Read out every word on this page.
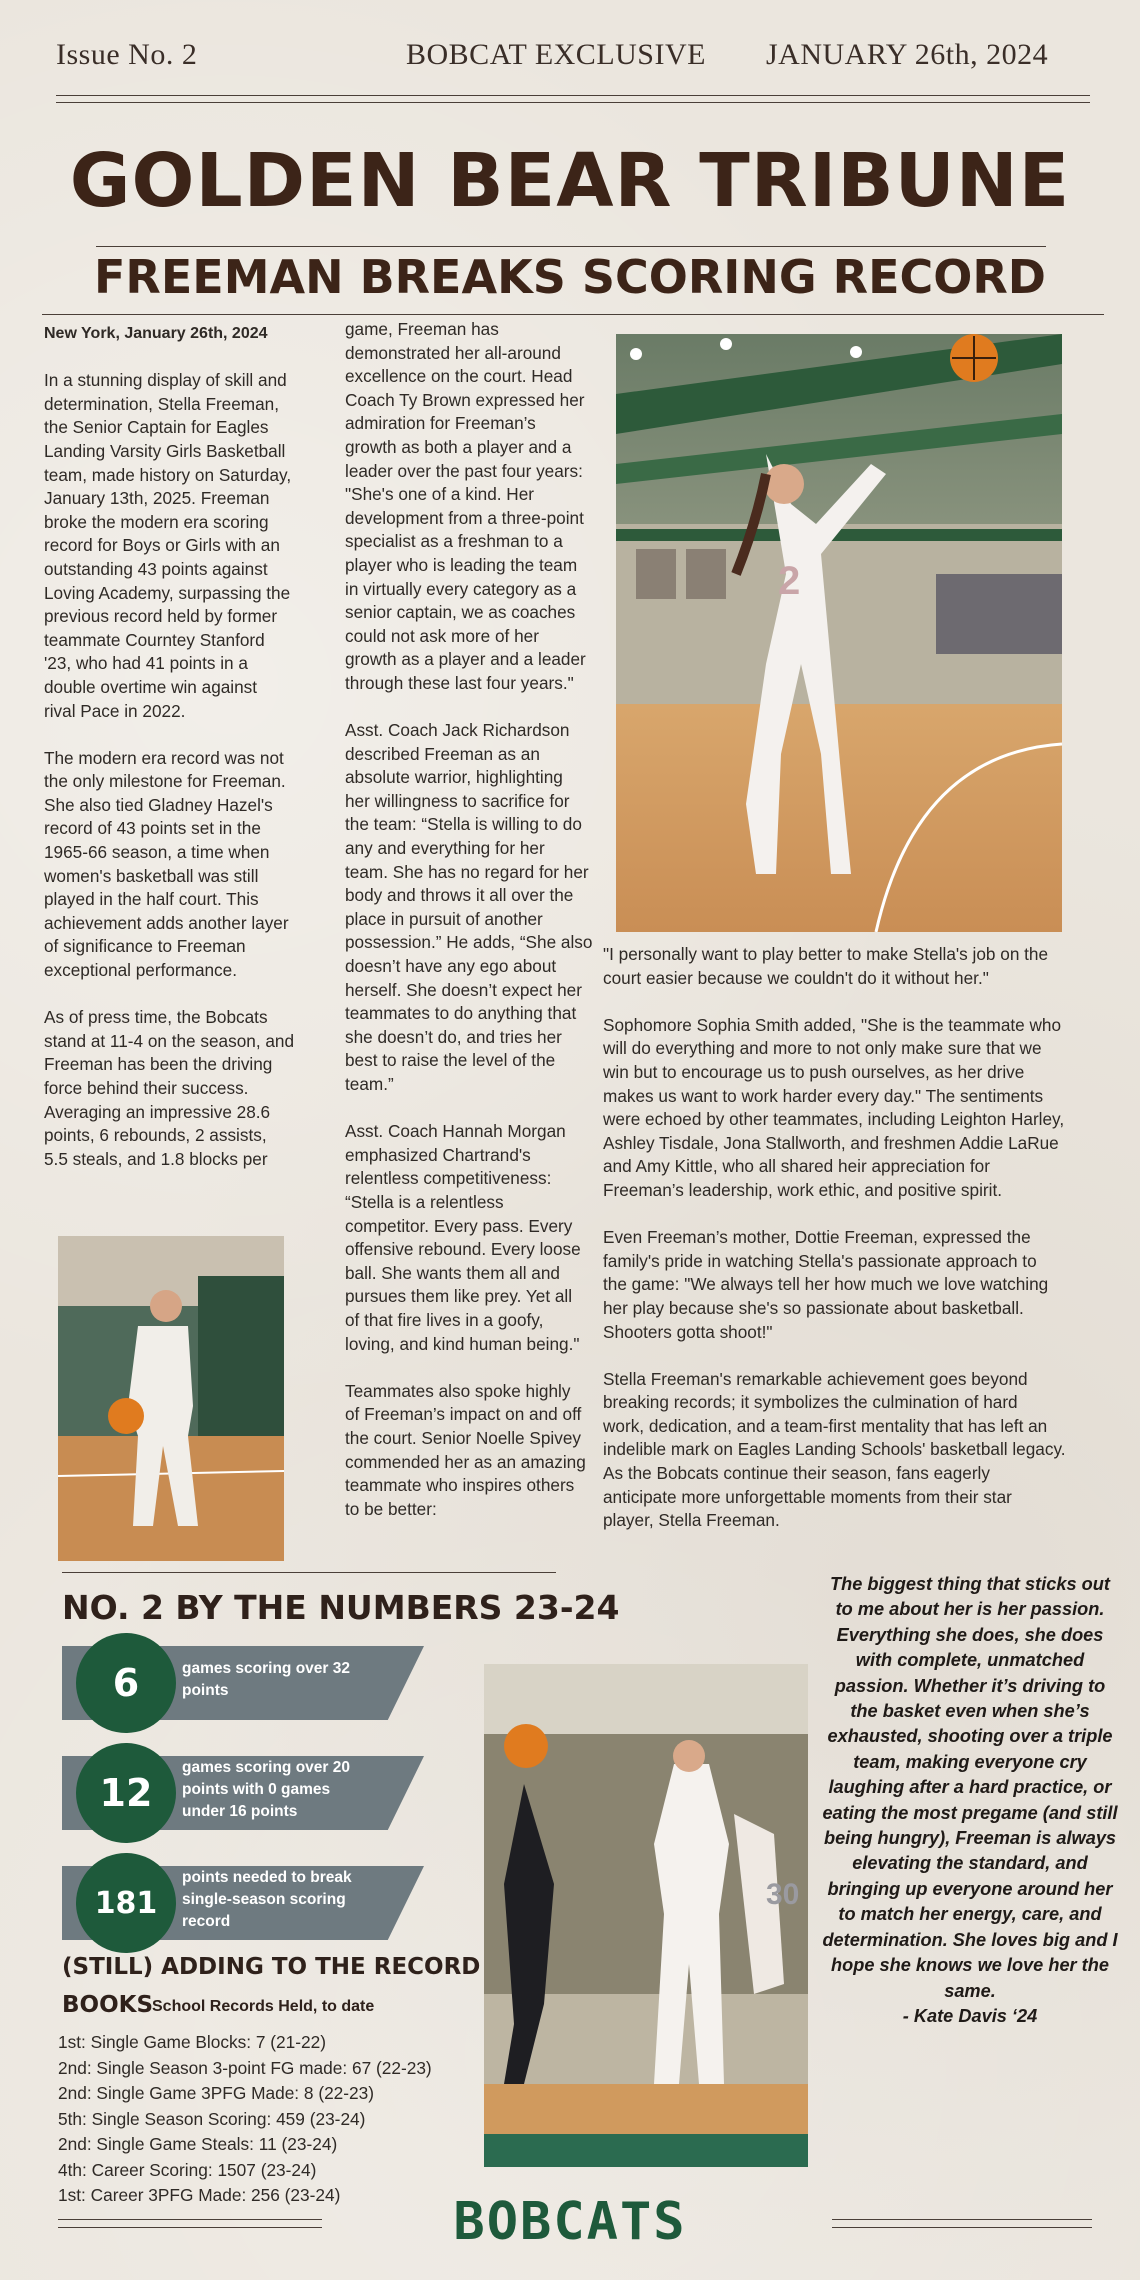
Issue No. 2	BOBCAT EXCLUSIVE JANUARY 26th, 2024
GOLDEN BEAR TRIBUNE
FREEMAN BREAKS SCORING RECORD

New York, January 26th, 2024

In a stunning display of skill and
determination, Stella Freeman,
the Senior Captain for Eagles
Landing Varsity Girls Basketball
team, made history on Saturday,
January 13th, 2025. Freeman
broke the modern era scoring
record for Boys or Girls with an
outstanding 43 points against
Loving Academy, surpassing the
previous record held by former
teammate Courntey Stanford
'23, who had 41 points in a
double overtime win against
rival Pace in 2022.

The modern era record was not
the only milestone for Freeman.
She also tied Gladney Hazel's
record of 43 points set in the
1965-66 season, a time when
women's basketball was still
played in the half court. This
achievement adds another layer
of significance to Freeman
exceptional performance.

As of press time, the Bobcats
stand at 11-4 on the season, and
Freeman has been the driving
force behind their success.
Averaging an impressive 28.6
points, 6 rebounds, 2 assists,
5.5 steals, and 1.8 blocks per

game, Freeman has
demonstrated her all-around
excellence on the court. Head
Coach Ty Brown expressed her
admiration for Freeman’s
growth as both a player and a
leader over the past four years:
"She's one of a kind. Her
development from a three-point
specialist as a freshman to a
player who is leading the team
in virtually every category as a
senior captain, we as coaches
could not ask more of her
growth as a player and a leader
through these last four years."

Asst. Coach Jack Richardson
described Freeman as an
absolute warrior, highlighting
her willingness to sacrifice for
the team: “Stella is willing to do
any and everything for her
team. She has no regard for her
body and throws it all over the
place in pursuit of another
possession.” He adds, “She also
doesn’t have any ego about
herself. She doesn’t expect her
teammates to do anything that
she doesn’t do, and tries her
best to raise the level of the
team.”

Asst. Coach Hannah Morgan
emphasized Chartrand's
relentless competitiveness:
“Stella is a relentless
competitor. Every pass. Every
offensive rebound. Every loose
ball. She wants them all and
pursues them like prey. Yet all
of that fire lives in a goofy,
loving, and kind human being."

Teammates also spoke highly
of Freeman’s impact on and off
the court. Senior Noelle Spivey
commended her as an amazing
teammate who inspires others
to be better:

"I personally want to play better to make Stella's job on the
court easier because we couldn't do it without her."

Sophomore Sophia Smith added, "She is the teammate who
will do everything and more to not only make sure that we
win but to encourage us to push ourselves, as her drive
makes us want to work harder every day." The sentiments
were echoed by other teammates, including Leighton Harley,
Ashley Tisdale, Jona Stallworth, and freshmen Addie LaRue
and Amy Kittle, who all shared heir appreciation for
Freeman’s leadership, work ethic, and positive spirit.

Even Freeman’s mother, Dottie Freeman, expressed the
family's pride in watching Stella's passionate approach to
the game: "We always tell her how much we love watching
her play because she's so passionate about basketball.
Shooters gotta shoot!"

Stella Freeman's remarkable achievement goes beyond
breaking records; it symbolizes the culmination of hard
work, dedication, and a team-first mentality that has left an
indelible mark on Eagles Landing Schools' basketball legacy.
As the Bobcats continue their season, fans eagerly
anticipate more unforgettable moments from their star
player, Stella Freeman.

2
30
NO. 2 BY THE NUMBERS 23-24
6	games scoring over 32
points
12
games scoring over 20
points with 0 games
under 16 points
181
points needed to break
single-season scoring
record
(STILL) ADDING TO THE RECORD
BOOKS
School Records Held, to date
1st: Single Game Blocks: 7 (21-22)
2nd: Single Season 3-point FG made: 67 (22-23)
2nd: Single Game 3PFG Made: 8 (22-23)
5th: Single Season Scoring: 459 (23-24)
2nd: Single Game Steals: 11 (23-24)
4th: Career Scoring: 1507 (23-24)
1st: Career 3PFG Made: 256 (23-24)
The biggest thing that sticks out to me about her is her passion. Everything she does, she does with complete, unmatched passion. Whether it’s driving to the basket even when she’s exhausted, shooting over a triple team, making everyone cry laughing after a hard practice, or eating the most pregame (and still being hungry), Freeman is always elevating the standard, and bringing up everyone around her to match her energy, care, and determination. She loves big and I hope she knows we love her the same.
- Kate Davis ‘24
BOBCATS
